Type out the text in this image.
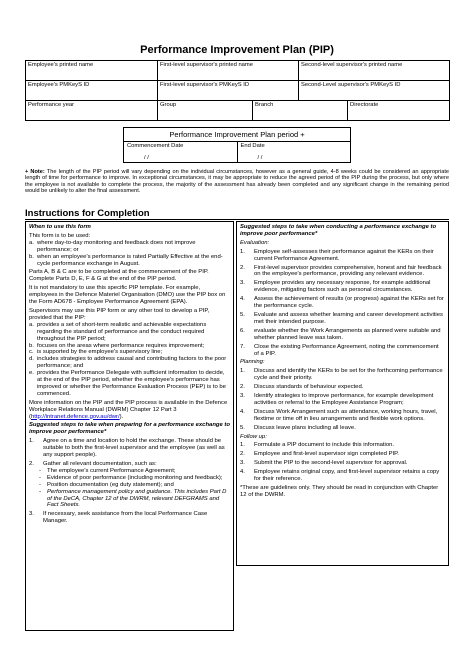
Performance Improvement Plan (PIP)
Employee's printed name	First-level supervisor's printed name		Second-level supervisor's printed name	
Employee's PMKeyS ID	First-level supervisor's PMKeyS ID		Second-Level supervisor's PMKeyS ID	
Performance year	Group	Branch		Directorate
Performance Improvement Plan period +
Commencement Date
/ /
End Date
/ /
+ Note: The length of the PIP period will vary depending on the individual circumstances, however as a general guide, 4-8 weeks could be considered an appropriate length of time for performance to improve. In exceptional circumstances, it may be appropriate to reduce the agreed period of the PIP during the process, but only where the employee is not available to complete the process, the majority of the assessment has already been completed and any significant change in the remaining period would be unlikely to alter the final assessment.
Instructions for Completion

When to use this form

This form is to be used:

a. where day-to-day monitoring and feedback does not improve performance; or
b. when an employee's performance is rated Partially Effective at the end-cycle performance exchange in August.

Parts A, B & C are to be completed at the commencement of the PIP. Complete Parts D, E, F & G at the end of the PIP period.

It is not mandatory to use this specific PIP template. For example, employees in the Defence Materiel Organisation (DMO) use the PIP box on the Form AD678 - Employee Performance Agreement (EPA).

Supervisors may use this PIP form or any other tool to develop a PIP, provided that the PIP:

a. provides a set of short-term realistic and achievable expectations regarding the standard of performance and the conduct required throughout the PIP period;
b. focuses on the areas where performance requires improvement;
c. is supported by the employee's supervisory line;
d. includes strategies to address causal and contributing factors to the poor performance; and
e. provides the Performance Delegate with sufficient information to decide, at the end of the PIP period, whether the employee's performance has improved or whether the Performance Evaluation Process (PEP) is to be commenced.

More information on the PIP and the PIP process is available in the Defence Workplace Relations Manual (DWRM) Chapter 12 Part 3 (http://intranet.defence.gov.au/dwr/).

Suggested steps to take when preparing for a performance exchange to improve poor performance*

1.	Agree on a time and location to hold the exchange. These should be suitable to both the first-level supervisor and the employee (as well as any support people).
2.	Gather all relevant documentation, such as:
-	The employee's current Performance Agreement;
-	Evidence of poor performance (including monitoring and feedback);
-	Position documentation (eg duty statement); and
-	Performance management policy and guidance. This includes Part D of the DeCA, Chapter 12 of the DWRM, relevant DEFGRAMS and Fact Sheets.
3.	If necessary, seek assistance from the local Performance Case Manager.

Suggested steps to take when conducting a performance exchange to improve poor performance*

Evaluation:

1.	Employee self-assesses their performance against the KERs on their current Performance Agreement.
2.	First-level supervisor provides comprehensive, honest and fair feedback on the employee's performance, providing any relevant evidence.
3.	Employee provides any necessary response, for example additional evidence, mitigating factors such as personal circumstances.
4.	Assess the achievement of results (or progress) against the KERs set for the performance cycle.
5.	Evaluate and assess whether learning and career development activities met their intended purpose.
6.	evaluate whether the Work Arrangements as planned were suitable and whether planned leave was taken.
7.	Close the existing Performance Agreement, noting the commencement of a PIP.

Planning:

1.	Discuss and identify the KERs to be set for the forthcoming performance cycle and their priority.
2.	Discuss standards of behaviour expected.
3.	Identify strategies to improve performance, for example development activities or referral to the Employee Assistance Program;
4.	Discuss Work Arrangement such as attendance, working hours, travel, flextime or time off in lieu arrangements and flexible work options.
5.	Discuss leave plans including all leave.

Follow up:

1.	Formulate a PIP document to include this information.
2.	Employee and first-level supervisor sign completed PIP.
3.	Submit the PIP to the second-level supervisor for approval.
4.	Employee retains original copy, and first-level supervisor retains a copy for their reference.

*These are guidelines only. They should be read in conjunction with Chapter 12 of the DWRM.
